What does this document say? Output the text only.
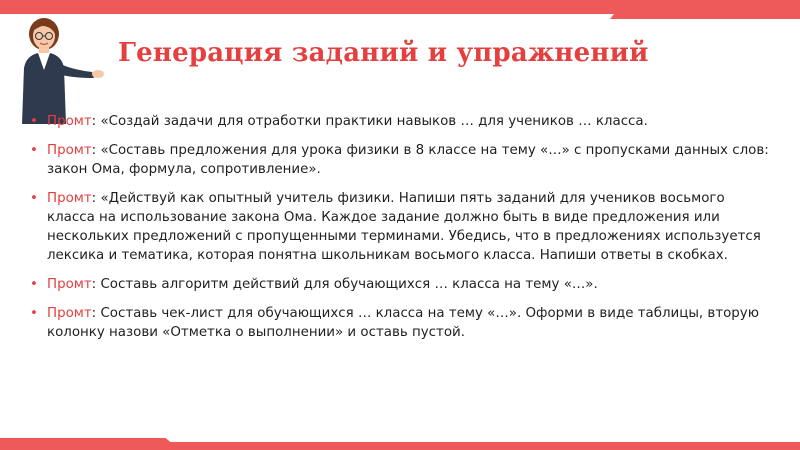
Генерация заданий и упражнений
• Промт: «Создай задачи для отработки практики навыков … для учеников … класса.
• Промт: «Составь предложения для урока физики в 8 классе на тему «…» с пропусками данных слов: закон Ома, формула, сопротивление».
• Промт: «Действуй как опытный учитель физики. Напиши пять заданий для учеников восьмого класса на использование закона Ома. Каждое задание должно быть в виде предложения или нескольких предложений с пропущенными терминами. Убедись, что в предложениях используется лексика и тематика, которая понятна школьникам восьмого класса. Напиши ответы в скобках.
• Промт: Составь алгоритм действий для обучающихся … класса на тему «…».
• Промт: Составь чек-лист для обучающихся … класса на тему «…». Оформи в виде таблицы, вторую колонку назови «Отметка о выполнении» и оставь пустой.
